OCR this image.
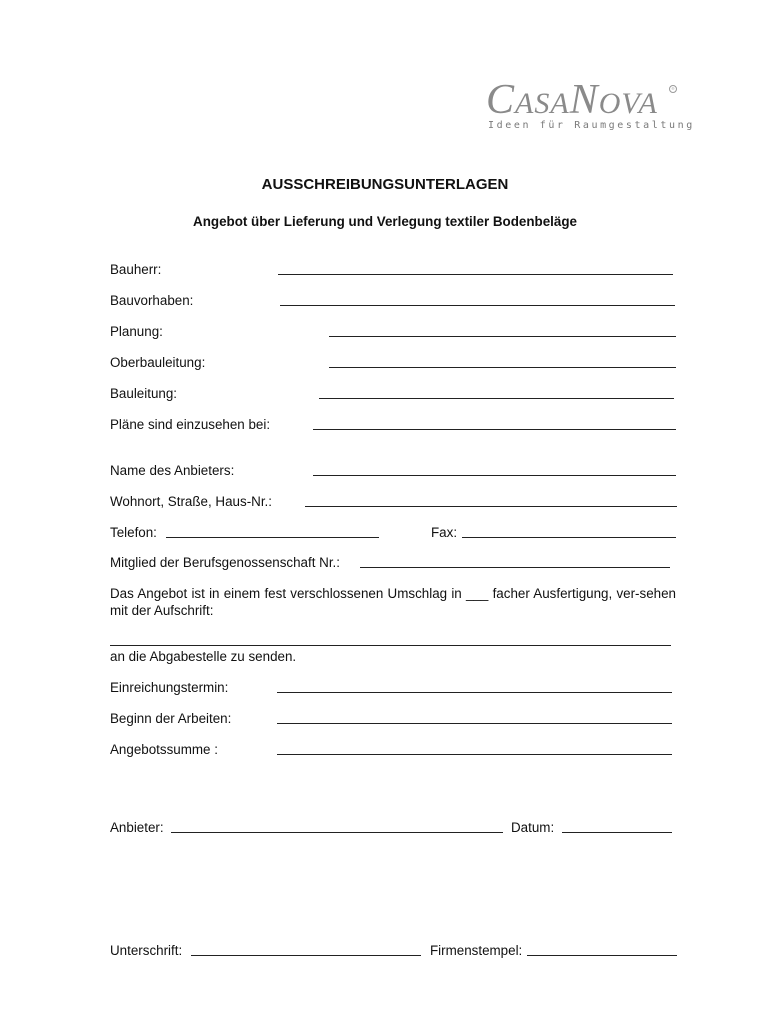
CASANOVA	®
Ideen für Raumgestaltung
AUSSCHREIBUNGSUNTERLAGEN
Angebot über Lieferung und Verlegung textiler Bodenbeläge
Bauherr:
Bauvorhaben:
Planung:
Oberbauleitung:
Bauleitung:
Pläne sind einzusehen bei:
Name des Anbieters:
Wohnort, Straße, Haus-Nr.:
Telefon:	Fax:
Mitglied der Berufsgenossenschaft Nr.:

Das Angebot ist in einem fest verschlossenen Umschlag in ___ facher Ausfertigung, ver-sehen mit der Aufschrift:

an die Abgabestelle zu senden.
Einreichungstermin:
Beginn der Arbeiten:
Angebotssumme :
Anbieter:	Datum:
Unterschrift:	Firmenstempel:
